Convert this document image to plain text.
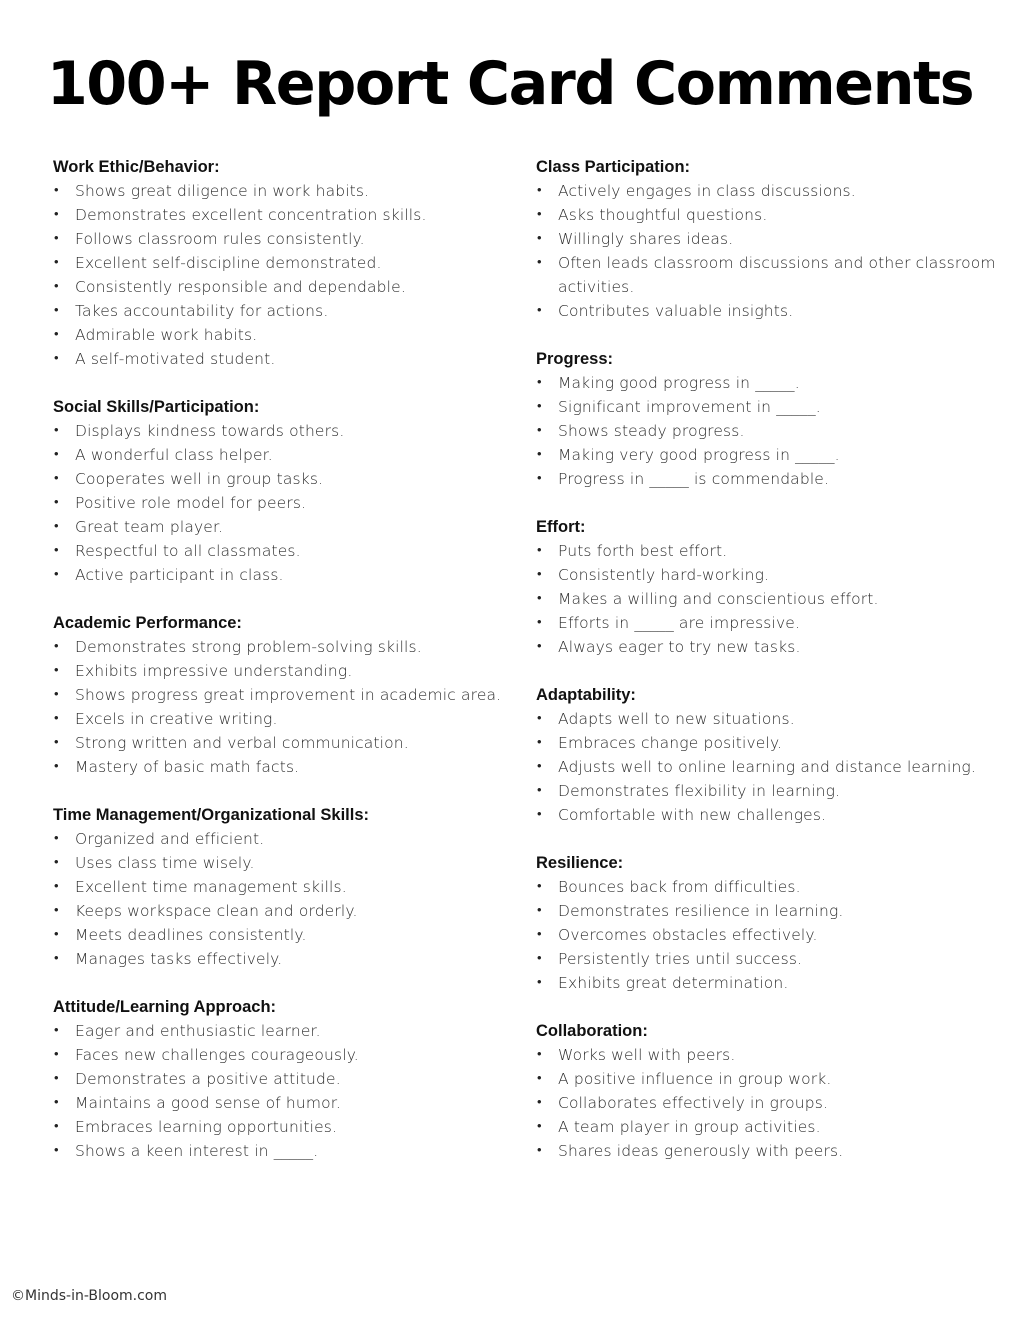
100+ Report Card Comments
Work Ethic/Behavior:
• Shows great diligence in work habits.
• Demonstrates excellent concentration skills.
• Follows classroom rules consistently.
• Excellent self-discipline demonstrated.
• Consistently responsible and dependable.
• Takes accountability for actions.
• Admirable work habits.
• A self-motivated student.
Social Skills/Participation:
• Displays kindness towards others.
• A wonderful class helper.
• Cooperates well in group tasks.
• Positive role model for peers.
• Great team player.
• Respectful to all classmates.
• Active participant in class.
Academic Performance:
• Demonstrates strong problem-solving skills.
• Exhibits impressive understanding.
• Shows progress great improvement in academic area.
• Excels in creative writing.
• Strong written and verbal communication.
• Mastery of basic math facts.
Time Management/Organizational Skills:
• Organized and efficient.
• Uses class time wisely.
• Excellent time management skills.
• Keeps workspace clean and orderly.
• Meets deadlines consistently.
• Manages tasks effectively.
Attitude/Learning Approach:
• Eager and enthusiastic learner.
• Faces new challenges courageously.
• Demonstrates a positive attitude.
• Maintains a good sense of humor.
• Embraces learning opportunities.
• Shows a keen interest in _____.
Class Participation:
• Actively engages in class discussions.
• Asks thoughtful questions.
• Willingly shares ideas.
• Often leads classroom discussions and other classroom activities.
• Contributes valuable insights.
Progress:
• Making good progress in _____.
• Significant improvement in _____.
• Shows steady progress.
• Making very good progress in _____.
• Progress in _____ is commendable.
Effort:
• Puts forth best effort.
• Consistently hard-working.
• Makes a willing and conscientious effort.
• Efforts in _____ are impressive.
• Always eager to try new tasks.
Adaptability:
• Adapts well to new situations.
• Embraces change positively.
• Adjusts well to online learning and distance learning.
• Demonstrates flexibility in learning.
• Comfortable with new challenges.
Resilience:
• Bounces back from difficulties.
• Demonstrates resilience in learning.
• Overcomes obstacles effectively.
• Persistently tries until success.
• Exhibits great determination.
Collaboration:
• Works well with peers.
• A positive influence in group work.
• Collaborates effectively in groups.
• A team player in group activities.
• Shares ideas generously with peers.
©Minds-in-Bloom.com
